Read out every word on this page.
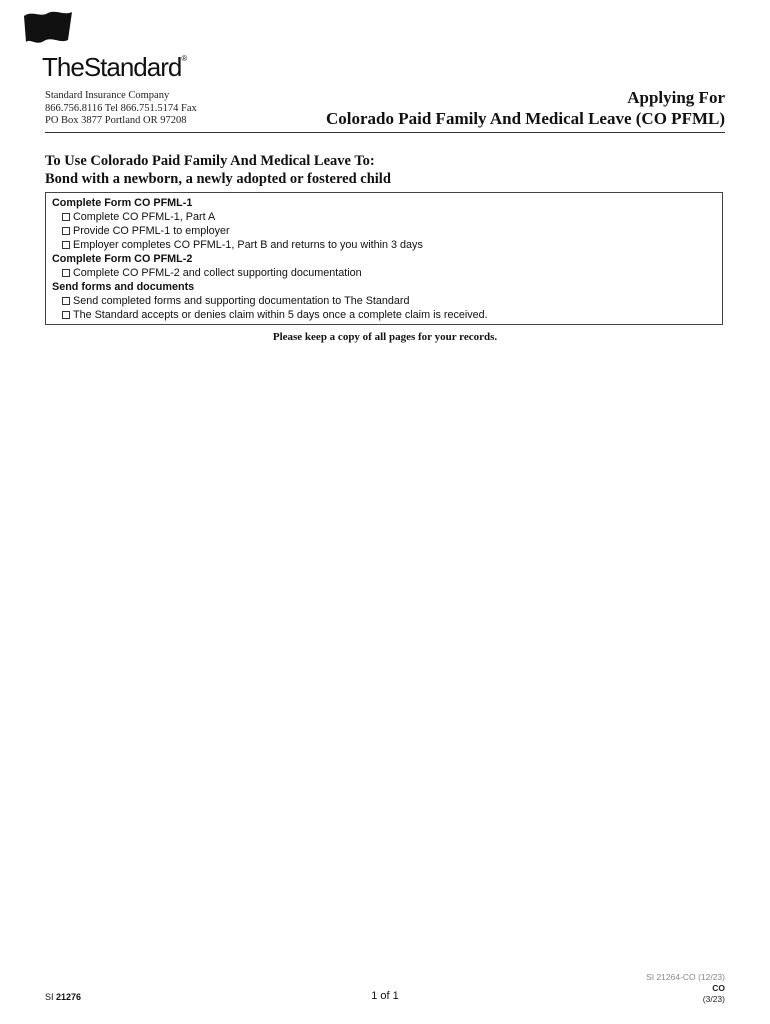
TheStandard®
Standard Insurance Company
866.756.8116 Tel 866.751.5174 Fax
PO Box 3877 Portland OR 97208
Applying For
Colorado Paid Family And Medical Leave (CO PFML)
To Use Colorado Paid Family And Medical Leave To:
Bond with a newborn, a newly adopted or fostered child
Complete Form CO PFML-1
Complete CO PFML-1, Part A
Provide CO PFML-1 to employer
Employer completes CO PFML-1, Part B and returns to you within 3 days
Complete Form CO PFML-2
Complete CO PFML-2 and collect supporting documentation
Send forms and documents
Send completed forms and supporting documentation to The Standard
The Standard accepts or denies claim within 5 days once a complete claim is received.
Please keep a copy of all pages for your records.
SI 21276	1 of 1
SI 21264-CO (12/23)
CO
(3/23)
